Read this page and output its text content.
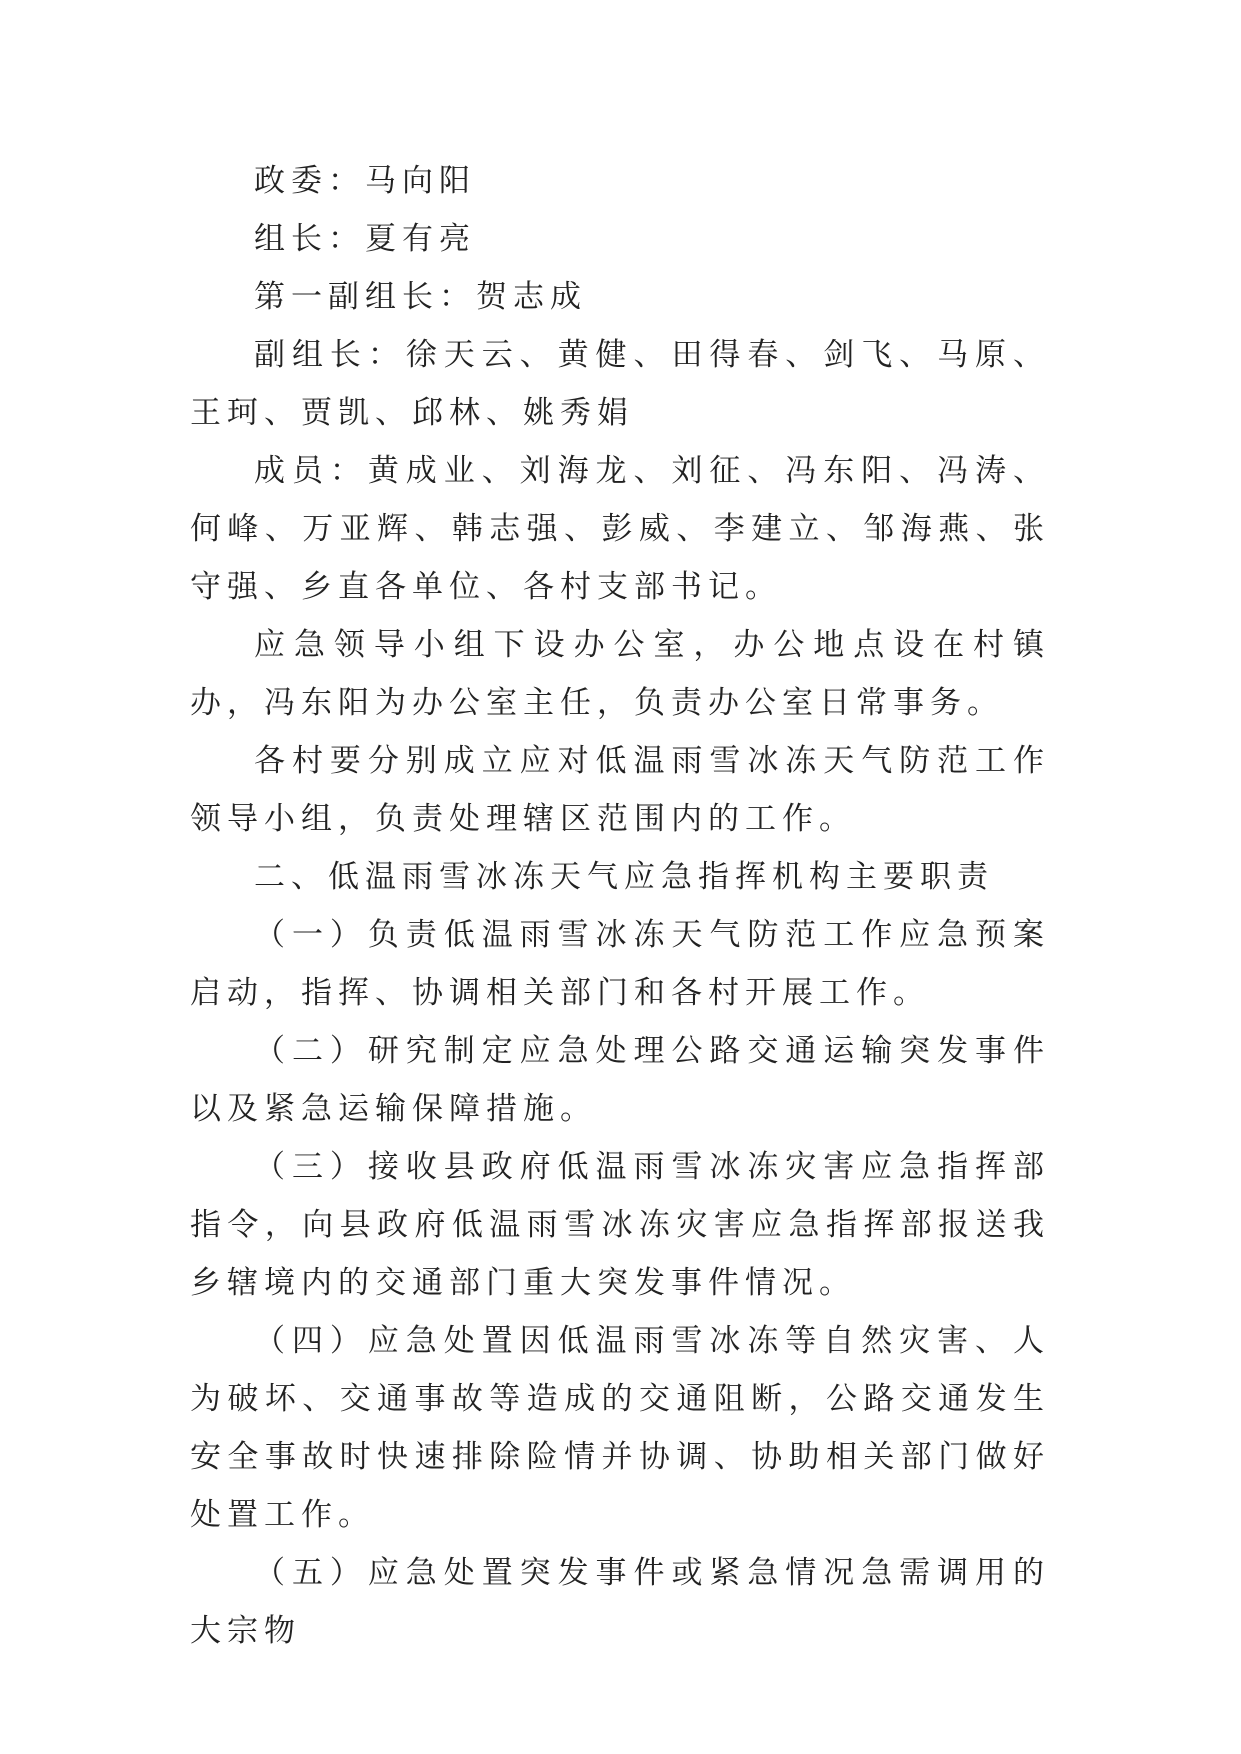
政委：马向阳

组长：夏有亮

第一副组长：贺志成

副组长：徐天云、黄健、田得春、剑飞、马原、王珂、贾凯、邱林、姚秀娟

成员：黄成业、刘海龙、刘征、冯东阳、冯涛、何峰、万亚辉、韩志强、彭威、李建立、邹海燕、张守强、乡直各单位、各村支部书记。

应急领导小组下设办公室，办公地点设在村镇办，冯东阳为办公室主任，负责办公室日常事务。

各村要分别成立应对低温雨雪冰冻天气防范工作领导小组，负责处理辖区范围内的工作。

二、低温雨雪冰冻天气应急指挥机构主要职责

（一）负责低温雨雪冰冻天气防范工作应急预案启动，指挥、协调相关部门和各村开展工作。

（二）研究制定应急处理公路交通运输突发事件以及紧急运输保障措施。

（三）接收县政府低温雨雪冰冻灾害应急指挥部指令，向县政府低温雨雪冰冻灾害应急指挥部报送我乡辖境内的交通部门重大突发事件情况。

（四）应急处置因低温雨雪冰冻等自然灾害、人为破坏、交通事故等造成的交通阻断，公路交通发生安全事故时快速排除险情并协调、协助相关部门做好处置工作。

（五）应急处置突发事件或紧急情况急需调用的大宗物
